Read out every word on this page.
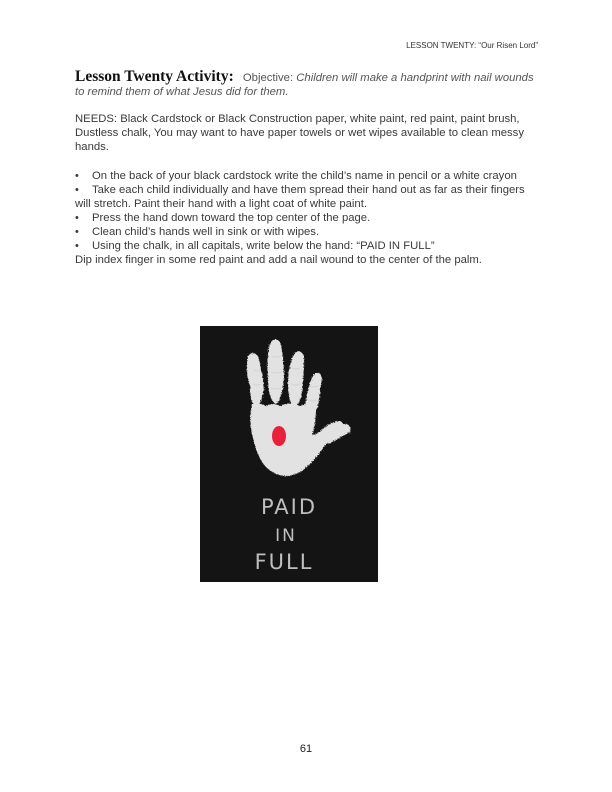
LESSON TWENTY: “Our Risen Lord”

Lesson Twenty Activity: Objective: Children will make a handprint with nail wounds to remind them of what Jesus did for them.

NEEDS: Black Cardstock or Black Construction paper, white paint, red paint, paint brush, Dustless chalk, You may want to have paper towels or wet wipes available to clean messy hands.

• On the back of your black cardstock write the child’s name in pencil or a white crayon
• Take each child individually and have them spread their hand out as far as their fingers will stretch. Paint their hand with a light coat of white paint.
• Press the hand down toward the top center of the page.
• Clean child’s hands well in sink or with wipes.
• Using the chalk, in all capitals, write below the hand: “PAID IN FULL”

Dip index finger in some red paint and add a nail wound to the center of the palm.

PAID
IN
FULL
61
